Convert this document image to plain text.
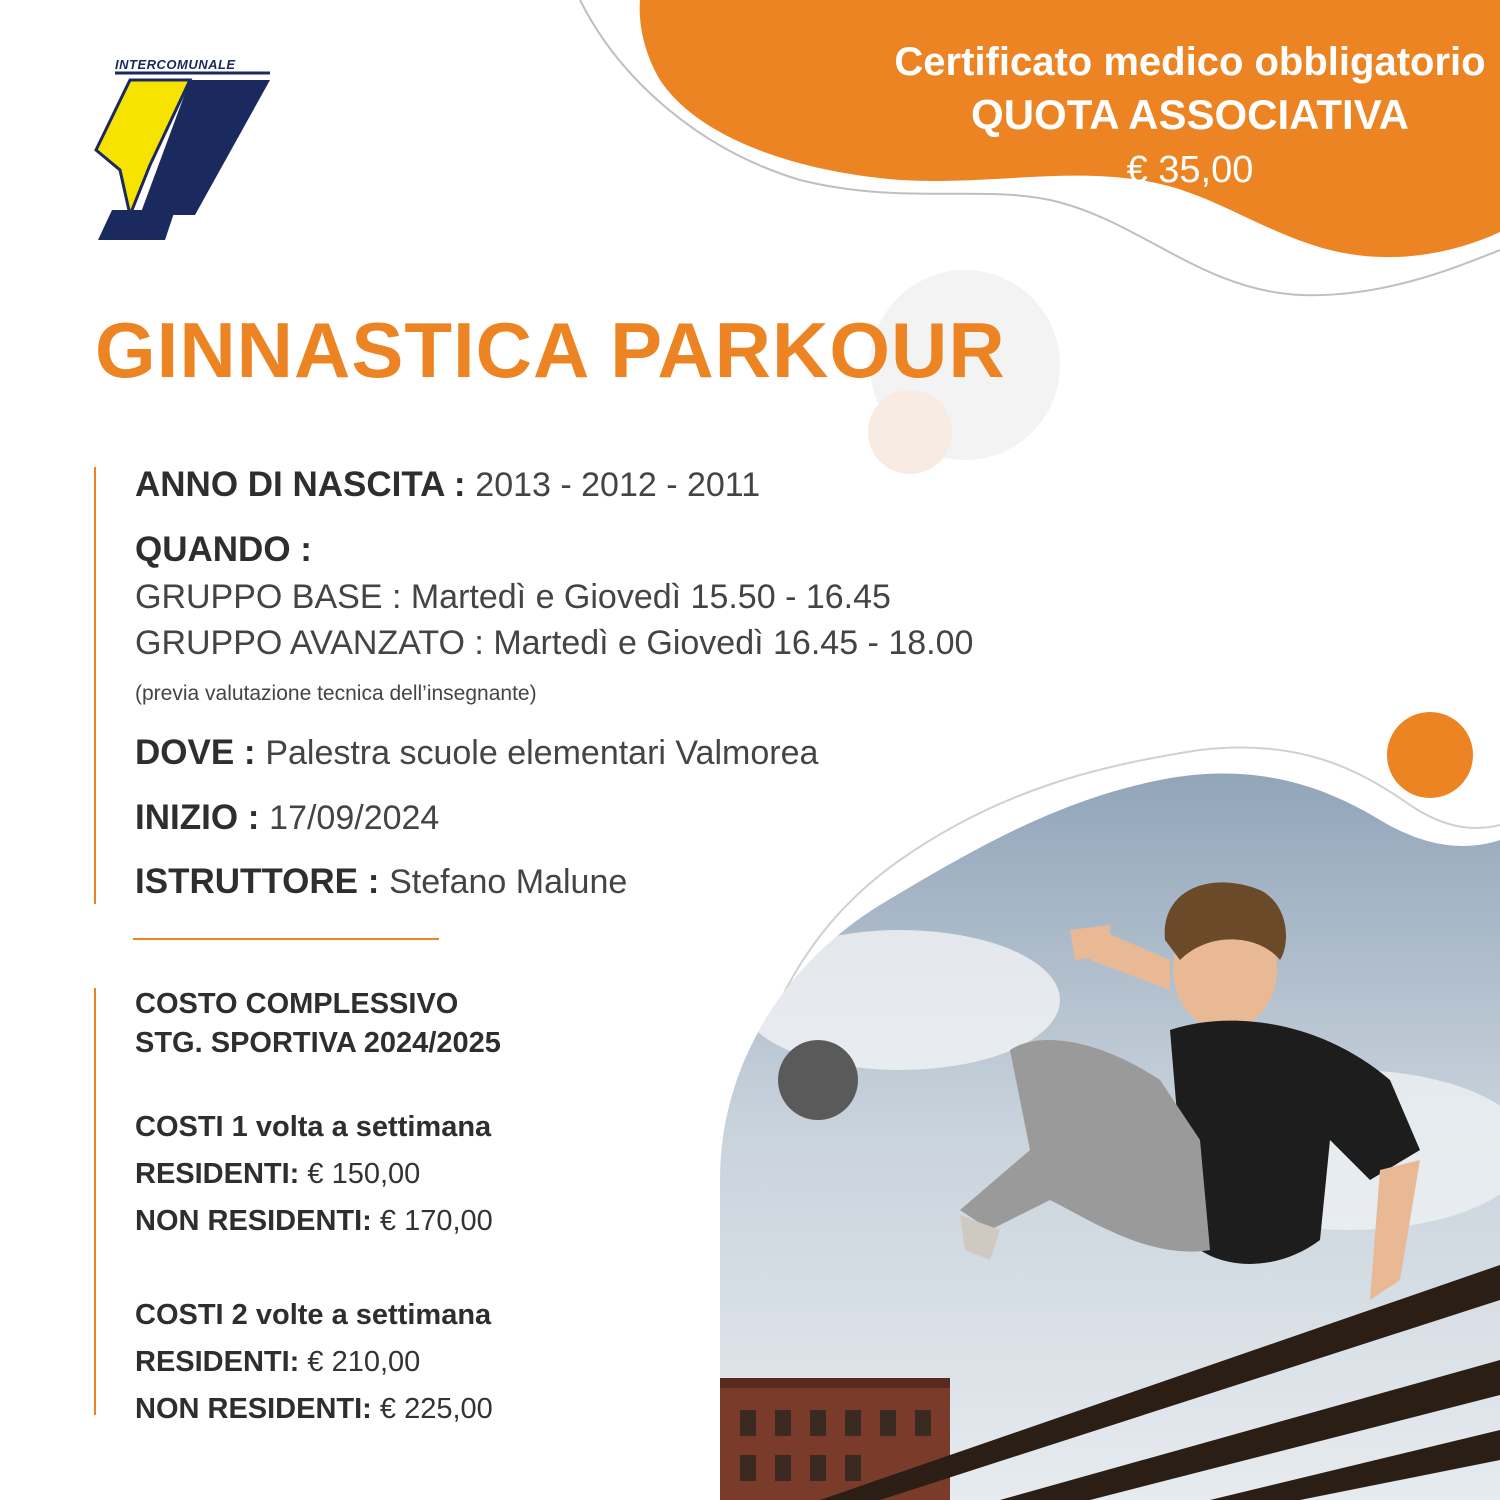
INTERCOMUNALE	Certificato medico obbligatorio
QUOTA ASSOCIATIVA
€ 35,00
GINNASTICA PARKOUR
ANNO DI NASCITA : 2013 - 2012 - 2011
QUANDO :
GRUPPO BASE : Martedì e Giovedì 15.50 - 16.45
GRUPPO AVANZATO : Martedì e Giovedì 16.45 - 18.00
(previa valutazione tecnica dell’insegnante)
DOVE : Palestra scuole elementari Valmorea
INIZIO : 17/09/2024
ISTRUTTORE : Stefano Malune
COSTO COMPLESSIVO
STG. SPORTIVA 2024/2025
COSTI 1 volta a settimana
RESIDENTI: € 150,00
NON RESIDENTI: € 170,00
COSTI 2 volte a settimana
RESIDENTI: € 210,00
NON RESIDENTI: € 225,00
